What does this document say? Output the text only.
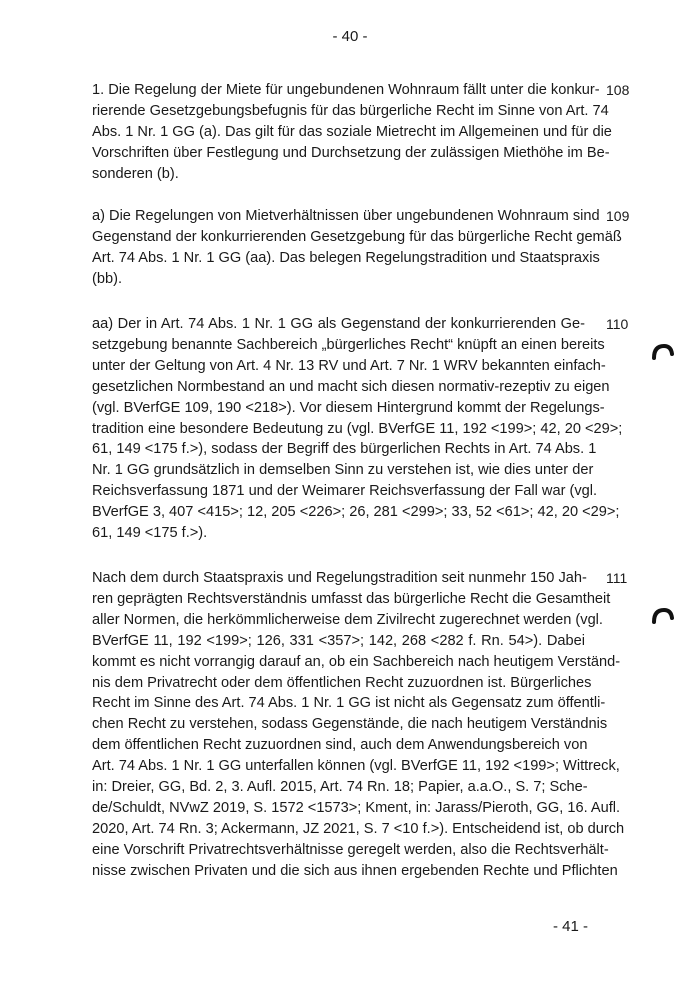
- 40 -
1. Die Regelung der Miete für ungebundenen Wohnraum fällt unter die konkur-
rierende Gesetzgebungsbefugnis für das bürgerliche Recht im Sinne von Art. 74
Abs. 1 Nr. 1 GG (a). Das gilt für das soziale Mietrecht im Allgemeinen und für die
Vorschriften über Festlegung und Durchsetzung der zulässigen Miethöhe im Be-
sonderen (b).
108
a) Die Regelungen von Mietverhältnissen über ungebundenen Wohnraum sind
Gegenstand der konkurrierenden Gesetzgebung für das bürgerliche Recht gemäß
Art. 74 Abs. 1 Nr. 1 GG (aa). Das belegen Regelungstradition und Staatspraxis
(bb).
109
aa) Der in Art. 74 Abs. 1 Nr. 1 GG als Gegenstand der konkurrierenden Ge-
setzgebung benannte Sachbereich „bürgerliches Recht“ knüpft an einen bereits
unter der Geltung von Art. 4 Nr. 13 RV und Art. 7 Nr. 1 WRV bekannten einfach-
gesetzlichen Normbestand an und macht sich diesen normativ-rezeptiv zu eigen
(vgl. BVerfGE 109, 190 <218>). Vor diesem Hintergrund kommt der Regelungs-
tradition eine besondere Bedeutung zu (vgl. BVerfGE 11, 192 <199>; 42, 20 <29>;
61, 149 <175 f.>), sodass der Begriff des bürgerlichen Rechts in Art. 74 Abs. 1
Nr. 1 GG grundsätzlich in demselben Sinn zu verstehen ist, wie dies unter der
Reichsverfassung 1871 und der Weimarer Reichsverfassung der Fall war (vgl.
BVerfGE 3, 407 <415>; 12, 205 <226>; 26, 281 <299>; 33, 52 <61>; 42, 20 <29>;
61, 149 <175 f.>).
110
Nach dem durch Staatspraxis und Regelungstradition seit nunmehr 150 Jah-
ren geprägten Rechtsverständnis umfasst das bürgerliche Recht die Gesamtheit
aller Normen, die herkömmlicherweise dem Zivilrecht zugerechnet werden (vgl.
BVerfGE 11, 192 <199>; 126, 331 <357>; 142, 268 <282 f. Rn. 54>). Dabei
kommt es nicht vorrangig darauf an, ob ein Sachbereich nach heutigem Verständ-
nis dem Privatrecht oder dem öffentlichen Recht zuzuordnen ist. Bürgerliches
Recht im Sinne des Art. 74 Abs. 1 Nr. 1 GG ist nicht als Gegensatz zum öffentli-
chen Recht zu verstehen, sodass Gegenstände, die nach heutigem Verständnis
dem öffentlichen Recht zuzuordnen sind, auch dem Anwendungsbereich von
Art. 74 Abs. 1 Nr. 1 GG unterfallen können (vgl. BVerfGE 11, 192 <199>; Wittreck,
in: Dreier, GG, Bd. 2, 3. Aufl. 2015, Art. 74 Rn. 18; Papier, a.a.O., S. 7; Sche-
de/Schuldt, NVwZ 2019, S. 1572 <1573>; Kment, in: Jarass/Pieroth, GG, 16. Aufl.
2020, Art. 74 Rn. 3; Ackermann, JZ 2021, S. 7 <10 f.>). Entscheidend ist, ob durch
eine Vorschrift Privatrechtsverhältnisse geregelt werden, also die Rechtsverhält-
nisse zwischen Privaten und die sich aus ihnen ergebenden Rechte und Pflichten
111
- 41 -
